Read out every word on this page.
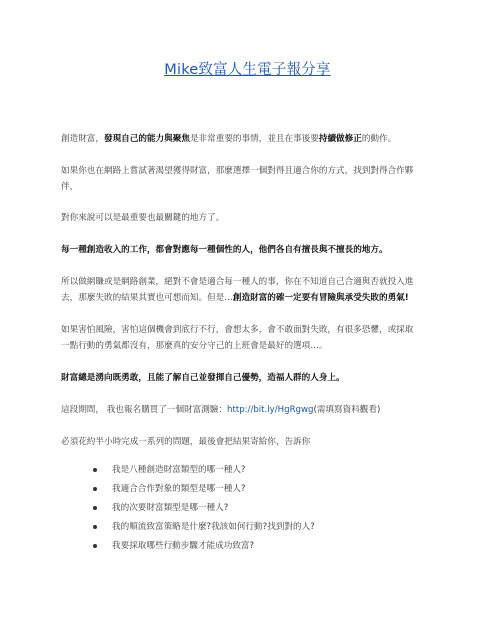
Mike致富人生電子報分享
創造財富，發現自己的能力與聚焦是非常重要的事情，並且在事後要持續做修正的動作。
如果你也在網路上嘗試著渴望獲得財富，那麼選擇一個對得且適合你的方式，找到對得合作夥
伴，
對你來說可以是最重要也最關鍵的地方了。
每一種創造收入的工作，都會對應每一種個性的人，他們各自有擅長與不擅長的地方。
所以做網賺或是網路創業，絕對不會是適合每一種人的事，你在不知道自己合適與否就投入進
去，那麼失敗的結果其實也可想而知。但是…創造財富的確一定要有冒險與承受失敗的勇氣!
如果害怕風險，害怕這個機會到底行不行，會想太多，會不敢面對失敗，有很多恐懼，或採取
一點行動的勇氣都沒有，那麼真的安分守己的上班會是最好的選項…。
財富總是湧向既勇敢，且能了解自己並發揮自己優勢，造福人群的人身上。
這段期間， 我也報名購買了一個財富測驗：http://bit.ly/HgRgwg(需填寫資料觀看)
必須花約半小時完成一系列的問題，最後會把結果寄給你，告訴你
我是八種創造財富類型的哪一種人?
我適合合作對象的類型是哪一種人?
我的次要財富類型是哪一種人?
我的順流致富策略是什麼?我該如何行動?找到對的人?
我要採取哪些行動步驟才能成功致富?
